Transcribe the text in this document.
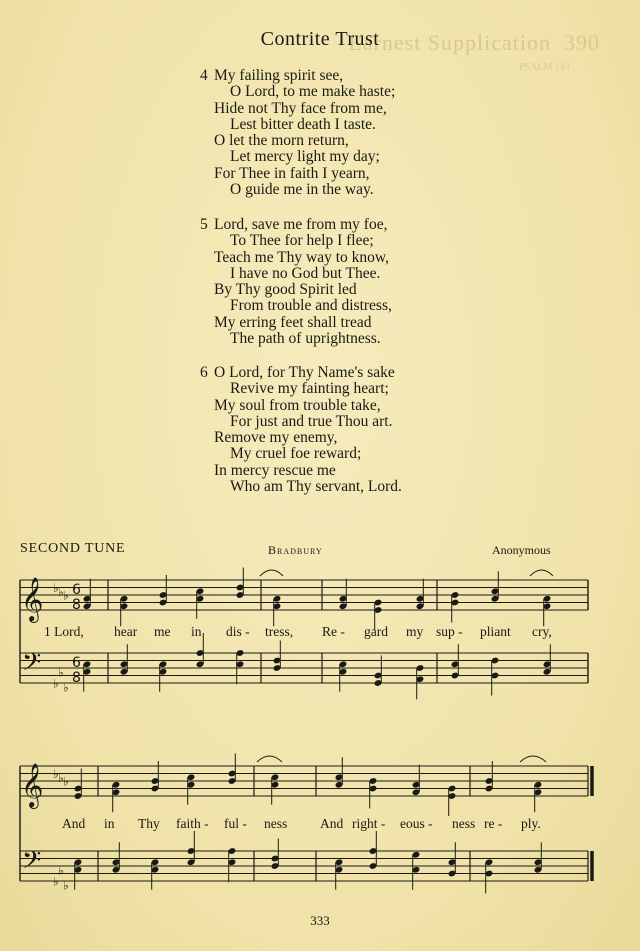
Earnest Supplication 390
PSALM 143
Contrite Trust
4 My failing spirit see,
O Lord, to me make haste;
Hide not Thy face from me,
Lest bitter death I taste.
O let the morn return,
Let mercy light my day;
For Thee in faith I yearn,
O guide me in the way.
5 Lord, save me from my foe,
To Thee for help I flee;
Teach me Thy way to know,
I have no God but Thee.
By Thy good Spirit led
From trouble and distress,
My erring feet shall tread
The path of uprightness.
6 O Lord, for Thy Name's sake
Revive my fainting heart;
My soul from trouble take,
For just and true Thou art.
Remove my enemy,
My cruel foe reward;
In mercy rescue me
Who am Thy servant, Lord.
SECOND TUNE	Bradbury	Anonymous
𝄞
𝄢
♭
♭
♭
♭
♭
♭
6
8
6
8
𝄞
𝄢
♭
♭
♭
♭
♭
♭
1 Lord, hear me in dis - tress, Re - gard my sup - pliant cry,
And in Thy faith - ful - ness And right - eous - ness re - ply.
333
